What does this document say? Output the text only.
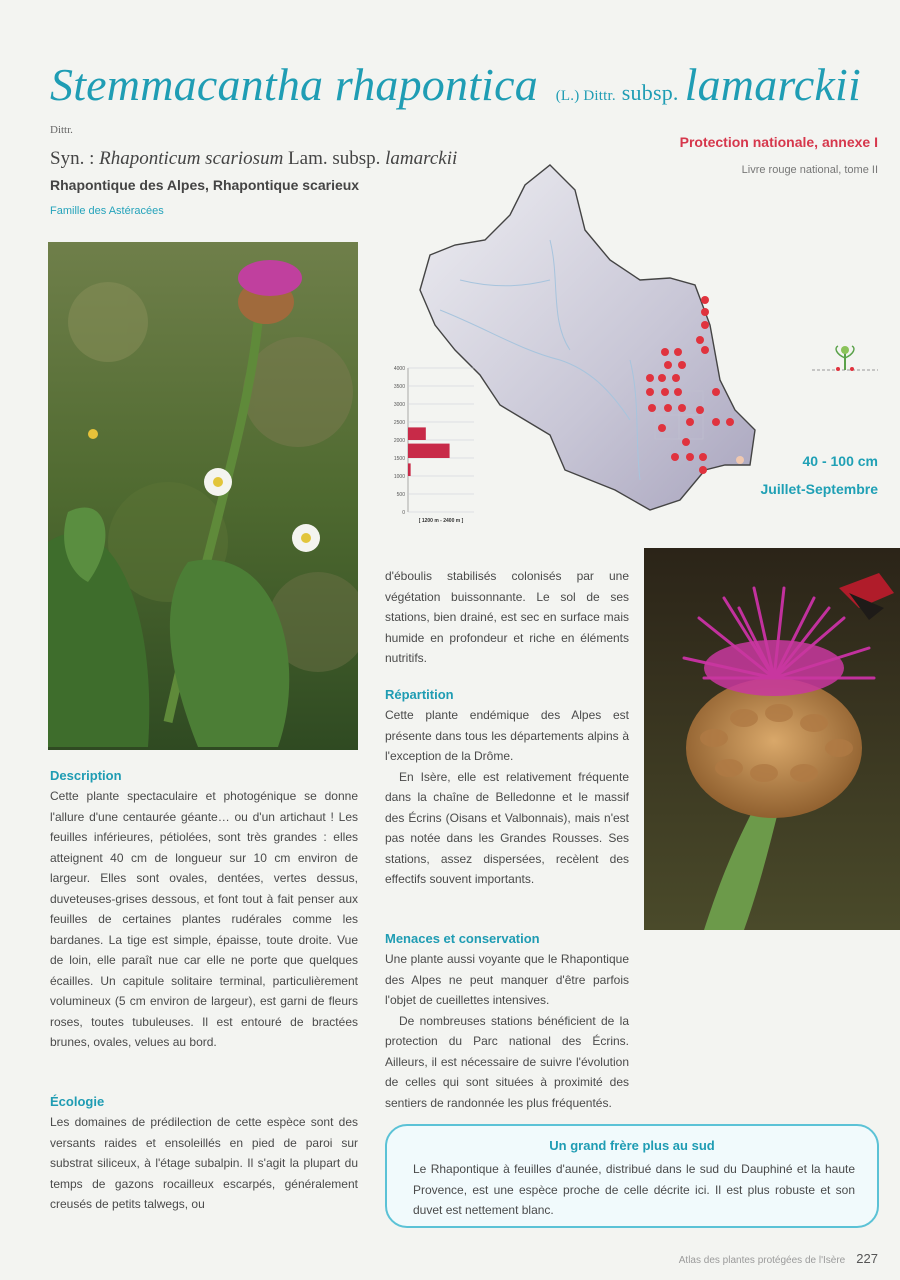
Stemmacantha rhapontica (L.) Dittr. subsp. lamarckii
Dittr.
Syn. : Rhaponticum scariosum Lam. subsp. lamarckii
Rhapontique des Alpes, Rhapontique scarieux
Famille des Astéracées
Protection nationale, annexe I
Livre rouge national, tome II
4000
3500
3000
2500
2000
1500
1000
500
0
[ 1200 m - 2400 m ]
40 - 100 cm
Juillet-Septembre
Description

Cette plante spectaculaire et photogénique se donne l'allure d'une centaurée géante… ou d'un artichaut ! Les feuilles inférieures, pétiolées, sont très grandes : elles atteignent 40 cm de longueur sur 10 cm environ de largeur. Elles sont ovales, dentées, vertes dessus, duveteuses-grises dessous, et font tout à fait penser aux feuilles de certaines plantes rudérales comme les bardanes. La tige est simple, épaisse, toute droite. Vue de loin, elle paraît nue car elle ne porte que quelques écailles. Un capitule solitaire terminal, particulièrement volumineux (5 cm environ de largeur), est garni de fleurs roses, toutes tubuleuses. Il est entouré de bractées brunes, ovales, velues au bord.

Écologie

Les domaines de prédilection de cette espèce sont des versants raides et ensoleillés en pied de paroi sur substrat siliceux, à l'étage subalpin. Il s'agit la plupart du temps de gazons rocailleux escarpés, généralement creusés de petits talwegs, ou

d'éboulis stabilisés colonisés par une végétation buissonnante. Le sol de ses stations, bien drainé, est sec en surface mais humide en profondeur et riche en éléments nutritifs.

Répartition

Cette plante endémique des Alpes est présente dans tous les départements alpins à l'exception de la Drôme.

En Isère, elle est relativement fréquente dans la chaîne de Belledonne et le massif des Écrins (Oisans et Valbonnais), mais n'est pas notée dans les Grandes Rousses. Ses stations, assez dispersées, recèlent des effectifs souvent importants.

Menaces et conservation

Une plante aussi voyante que le Rhapontique des Alpes ne peut manquer d'être parfois l'objet de cueillettes intensives.

De nombreuses stations bénéficient de la protection du Parc national des Écrins. Ailleurs, il est nécessaire de suivre l'évolution de celles qui sont situées à proximité des sentiers de randonnée les plus fréquentés.

Un grand frère plus au sud
Le Rhapontique à feuilles d'aunée, distribué dans le sud du Dauphiné et la haute Provence, est une espèce proche de celle décrite ici. Il est plus robuste et son duvet est nettement blanc.
Atlas des plantes protégées de l'Isère 227
